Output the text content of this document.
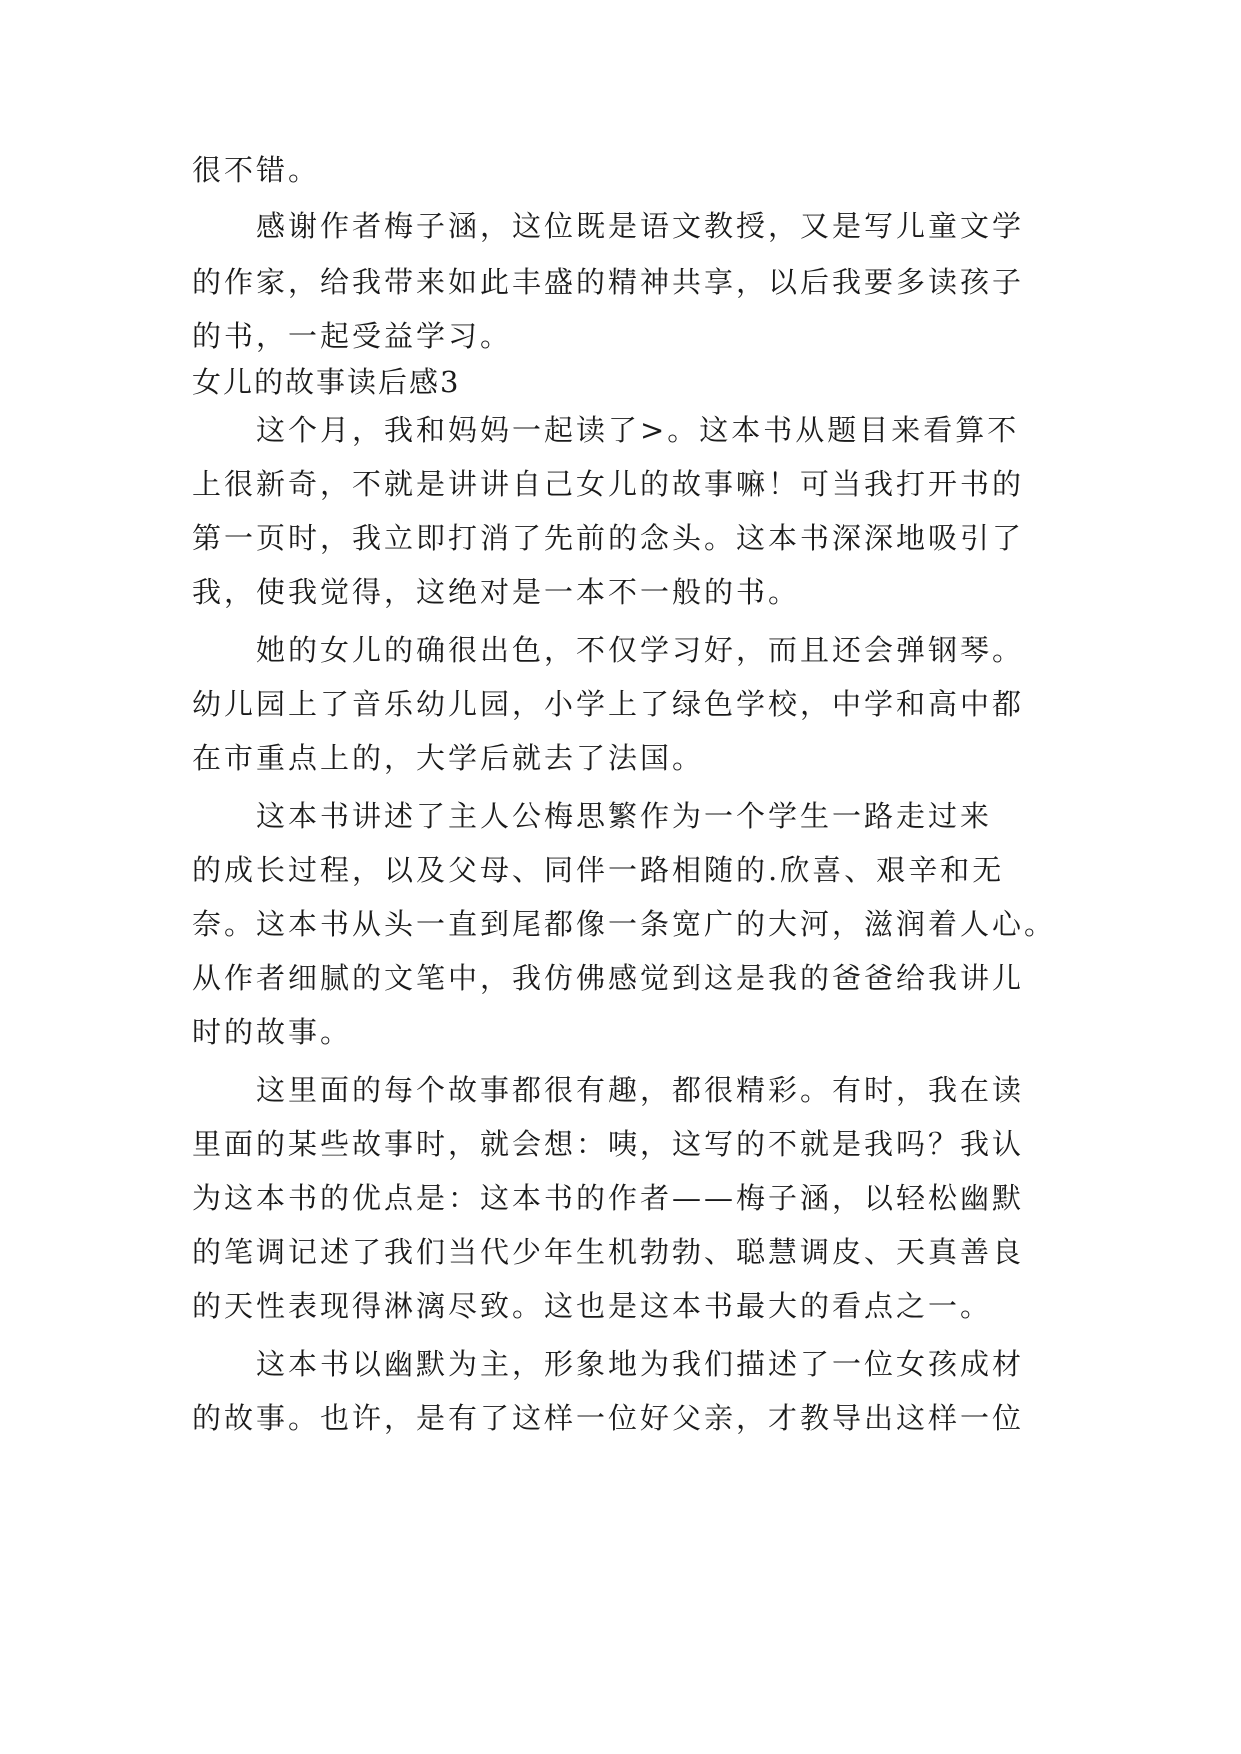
很不错。
感谢作者梅子涵，这位既是语文教授，又是写儿童文学
的作家，给我带来如此丰盛的精神共享，以后我要多读孩子
的书，一起受益学习。
女儿的故事读后感3
这个月，我和妈妈一起读了>。这本书从题目来看算不
上很新奇，不就是讲讲自己女儿的故事嘛！可当我打开书的
第一页时，我立即打消了先前的念头。这本书深深地吸引了
我，使我觉得，这绝对是一本不一般的书。
她的女儿的确很出色，不仅学习好，而且还会弹钢琴。
幼儿园上了音乐幼儿园，小学上了绿色学校，中学和高中都
在市重点上的，大学后就去了法国。
这本书讲述了主人公梅思繁作为一个学生一路走过来
的成长过程，以及父母、同伴一路相随的.欣喜、艰辛和无
奈。这本书从头一直到尾都像一条宽广的大河，滋润着人心。
从作者细腻的文笔中，我仿佛感觉到这是我的爸爸给我讲儿
时的故事。
这里面的每个故事都很有趣，都很精彩。有时，我在读
里面的某些故事时，就会想：咦，这写的不就是我吗？我认
为这本书的优点是：这本书的作者——梅子涵，以轻松幽默
的笔调记述了我们当代少年生机勃勃、聪慧调皮、天真善良
的天性表现得淋漓尽致。这也是这本书最大的看点之一。
这本书以幽默为主，形象地为我们描述了一位女孩成材
的故事。也许，是有了这样一位好父亲，才教导出这样一位
